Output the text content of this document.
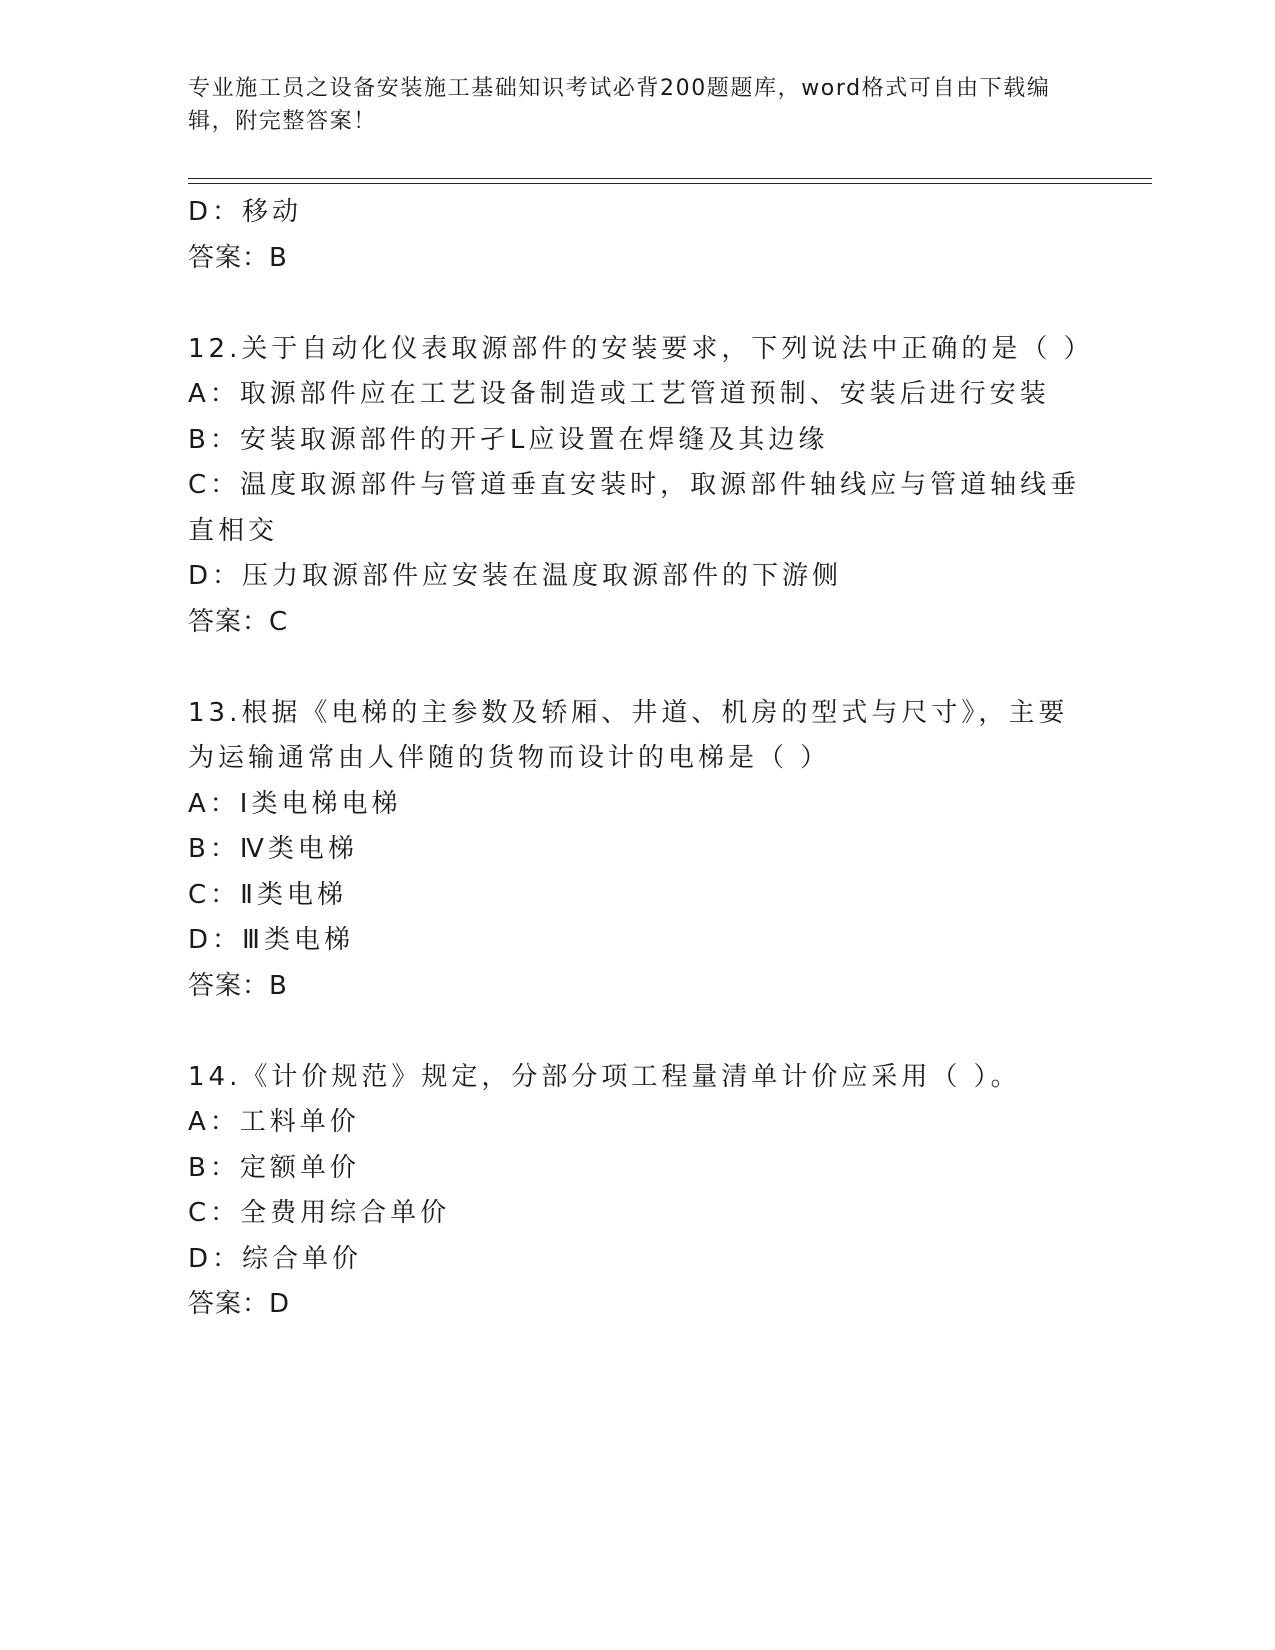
专业施工员之设备安装施工基础知识考试必背200题题库，word格式可自由下载编辑，附完整答案！
D：移动
答案：B
12.关于自动化仪表取源部件的安装要求，下列说法中正确的是（ ）
A：取源部件应在工艺设备制造或工艺管道预制、安装后进行安装
B：安装取源部件的开孑L应设置在焊缝及其边缘
C：温度取源部件与管道垂直安装时，取源部件轴线应与管道轴线垂直相交
D：压力取源部件应安装在温度取源部件的下游侧
答案：C
13.根据《电梯的主参数及轿厢、井道、机房的型式与尺寸》，主要为运输通常由人伴随的货物而设计的电梯是（ ）
A：Ⅰ类电梯电梯
B：Ⅳ类电梯
C：Ⅱ类电梯
D：Ⅲ类电梯
答案：B
14.《计价规范》规定，分部分项工程量清单计价应采用（ ）。
A：工料单价
B：定额单价
C：全费用综合单价
D：综合单价
答案：D
